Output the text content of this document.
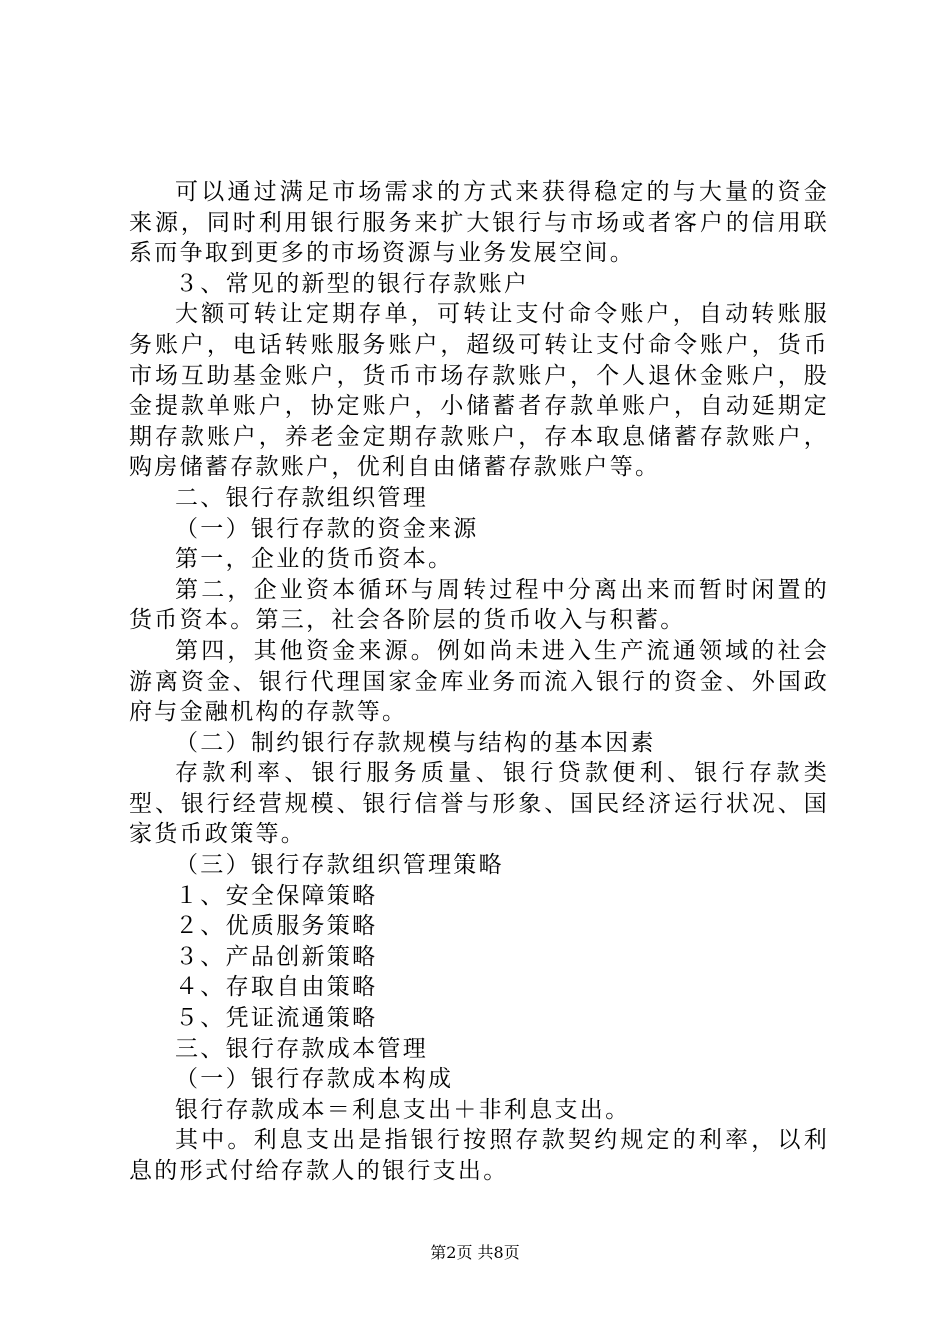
可以通过满足市场需求的方式来获得稳定的与大量的资金来源，同时利用银行服务来扩大银行与市场或者客户的信用联系而争取到更多的市场资源与业务发展空间。

３、常见的新型的银行存款账户

大额可转让定期存单，可转让支付命令账户，自动转账服务账户，电话转账服务账户，超级可转让支付命令账户，货币市场互助基金账户，货币市场存款账户，个人退休金账户，股金提款单账户，协定账户，小储蓄者存款单账户，自动延期定期存款账户，养老金定期存款账户，存本取息储蓄存款账户，购房储蓄存款账户，优利自由储蓄存款账户等。

二、银行存款组织管理

（一）银行存款的资金来源

第一，企业的货币资本。

第二，企业资本循环与周转过程中分离出来而暂时闲置的货币资本。第三，社会各阶层的货币收入与积蓄。

第四，其他资金来源。例如尚未进入生产流通领域的社会游离资金、银行代理国家金库业务而流入银行的资金、外国政府与金融机构的存款等。

（二）制约银行存款规模与结构的基本因素

存款利率、银行服务质量、银行贷款便利、银行存款类型、银行经营规模、银行信誉与形象、国民经济运行状况、国家货币政策等。

（三）银行存款组织管理策略

１、安全保障策略

２、优质服务策略

３、产品创新策略

４、存取自由策略

５、凭证流通策略

三、银行存款成本管理

（一）银行存款成本构成

银行存款成本＝利息支出＋非利息支出。

其中。利息支出是指银行按照存款契约规定的利率，以利息的形式付给存款人的银行支出。

第2页 共8页
